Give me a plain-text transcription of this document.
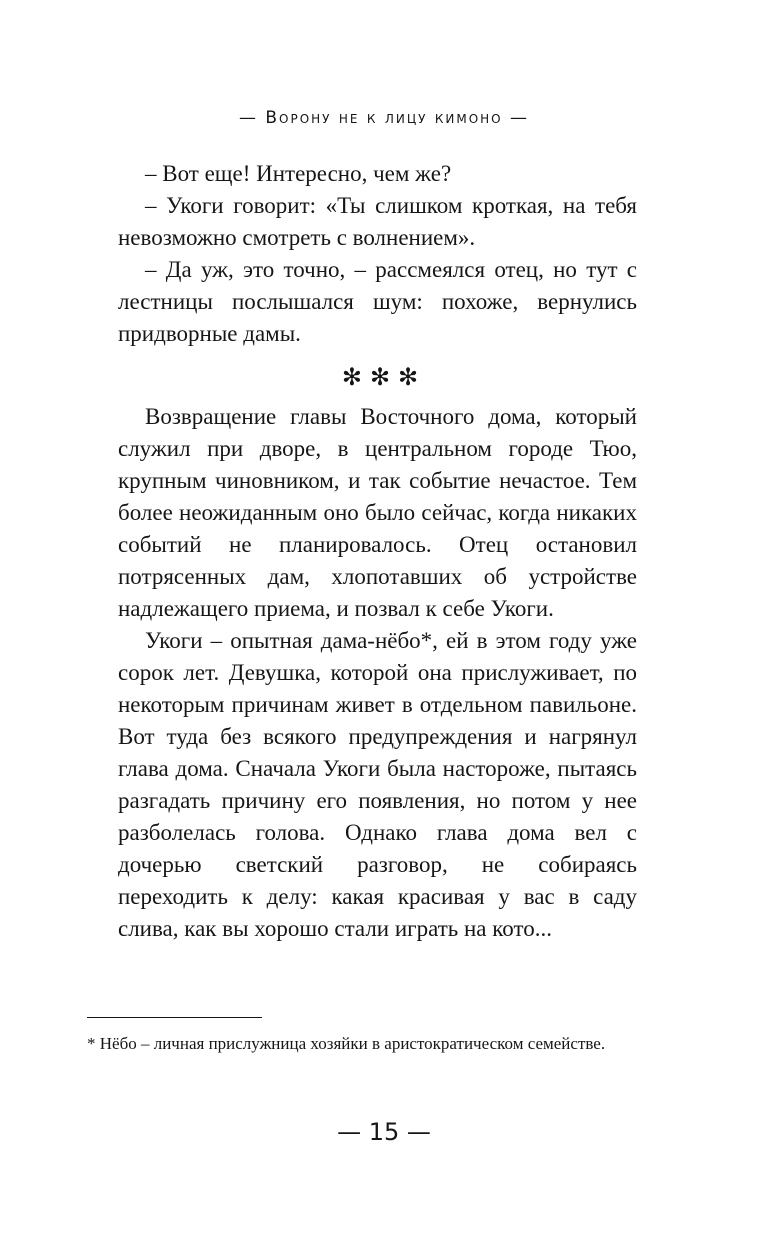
— Ворону не к лицу кимоно —

– Вот еще! Интересно, чем же?

– Укоги говорит: «Ты слишком кроткая, на тебя невозможно смотреть с волнением».

– Да уж, это точно, – рассмеялся отец, но тут с лестницы послышался шум: похоже, вернулись придворные дамы.

✻✻✻

Возвращение главы Восточного дома, который служил при дворе, в центральном городе Тюо, крупным чиновником, и так событие нечастое. Тем более неожиданным оно было сейчас, когда никаких событий не планировалось. Отец остановил потрясенных дам, хлопотавших об устройстве надлежащего приема, и позвал к себе Укоги.

Укоги – опытная дама-нёбо*, ей в этом году уже сорок лет. Девушка, которой она прислуживает, по некоторым причинам живет в отдельном павильоне. Вот туда без всякого предупреждения и нагрянул глава дома. Сначала Укоги была настороже, пытаясь разгадать причину его появления, но потом у нее разболелась голова. Однако глава дома вел с дочерью светский разговор, не собираясь переходить к делу: какая красивая у вас в саду слива, как вы хорошо стали играть на кото...

* Нёбо – личная прислужница хозяйки в аристократическом семействе.
— 15 —
